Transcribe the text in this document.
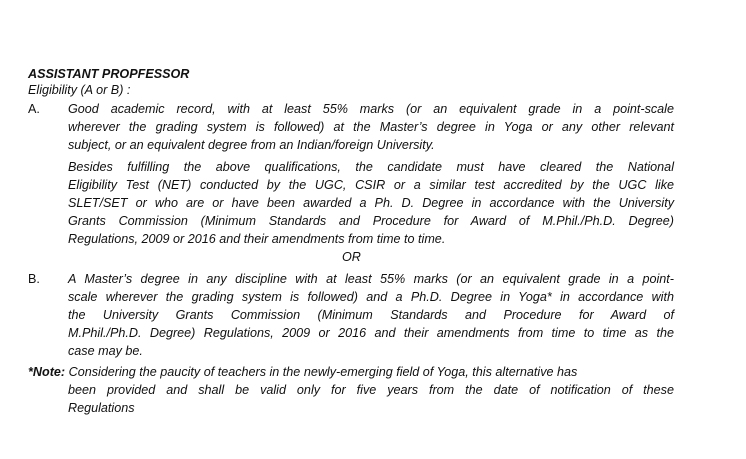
ASSISTANT PROPFESSOR
Eligibility (A or B) :
A. Good academic record, with at least 55% marks (or an equivalent grade in a point-scale
wherever the grading system is followed) at the Master’s degree in Yoga or any other relevant
subject, or an equivalent degree from an Indian/foreign University.
Besides fulfilling the above qualifications, the candidate must have cleared the National
Eligibility Test (NET) conducted by the UGC, CSIR or a similar test accredited by the UGC like
SLET/SET or who are or have been awarded a Ph. D. Degree in accordance with the University
Grants Commission (Minimum Standards and Procedure for Award of M.Phil./Ph.D. Degree)
Regulations, 2009 or 2016 and their amendments from time to time.
OR
B. A Master’s degree in any discipline with at least 55% marks (or an equivalent grade in a point-
scale wherever the grading system is followed) and a Ph.D. Degree in Yoga* in accordance with
the University Grants Commission (Minimum Standards and Procedure for Award of
M.Phil./Ph.D. Degree) Regulations, 2009 or 2016 and their amendments from time to time as the
case may be.
*Note: Considering the paucity of teachers in the newly-emerging field of Yoga, this alternative has
been provided and shall be valid only for five years from the date of notification of these
Regulations
